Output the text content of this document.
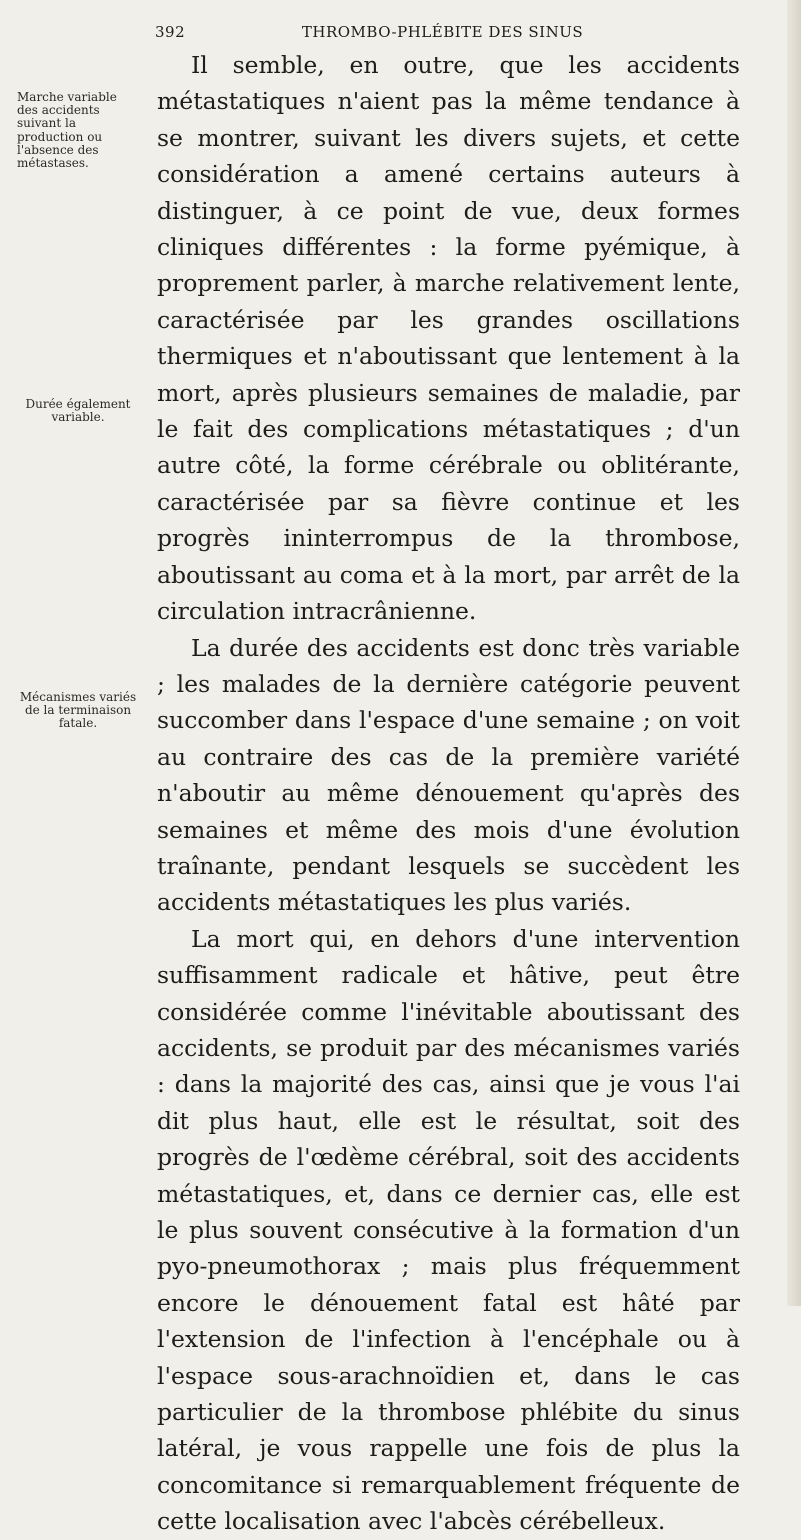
392	THROMBO-PHLÉBITE DES SINUS
Marche variable des accidents suivant la production ou l'absence des métastases.
Durée également variable.
Mécanismes variés de la terminaison fatale.

Il semble, en outre, que les accidents métastatiques n'aient pas la même tendance à se montrer, suivant les divers sujets, et cette considération a amené certains auteurs à distinguer, à ce point de vue, deux formes cliniques différentes : la forme pyémique, à proprement parler, à marche relativement lente, caractérisée par les grandes oscillations thermiques et n'aboutissant que lentement à la mort, après plusieurs semaines de maladie, par le fait des complications métastatiques ; d'un autre côté, la forme cérébrale ou oblitérante, caractérisée par sa fièvre continue et les progrès ininterrompus de la thrombose, aboutissant au coma et à la mort, par arrêt de la circulation intracrânienne.

La durée des accidents est donc très variable ; les malades de la dernière catégorie peuvent succomber dans l'espace d'une semaine ; on voit au contraire des cas de la première variété n'aboutir au même dénouement qu'après des semaines et même des mois d'une évolution traînante, pendant lesquels se succèdent les accidents métastatiques les plus variés.

La mort qui, en dehors d'une intervention suffisamment radicale et hâtive, peut être considérée comme l'inévitable aboutissant des accidents, se produit par des mécanismes variés : dans la majorité des cas, ainsi que je vous l'ai dit plus haut, elle est le résultat, soit des progrès de l'œdème cérébral, soit des accidents métastatiques, et, dans ce dernier cas, elle est le plus souvent consécutive à la formation d'un pyo-pneumothorax ; mais plus fréquemment encore le dénouement fatal est hâté par l'extension de l'infection à l'encéphale ou à l'espace sous-arachnoïdien et, dans le cas particulier de la thrombose phlébite du sinus latéral, je vous rappelle une fois de plus la concomitance si remarquablement fréquente de cette localisation avec l'abcès cérébelleux.
